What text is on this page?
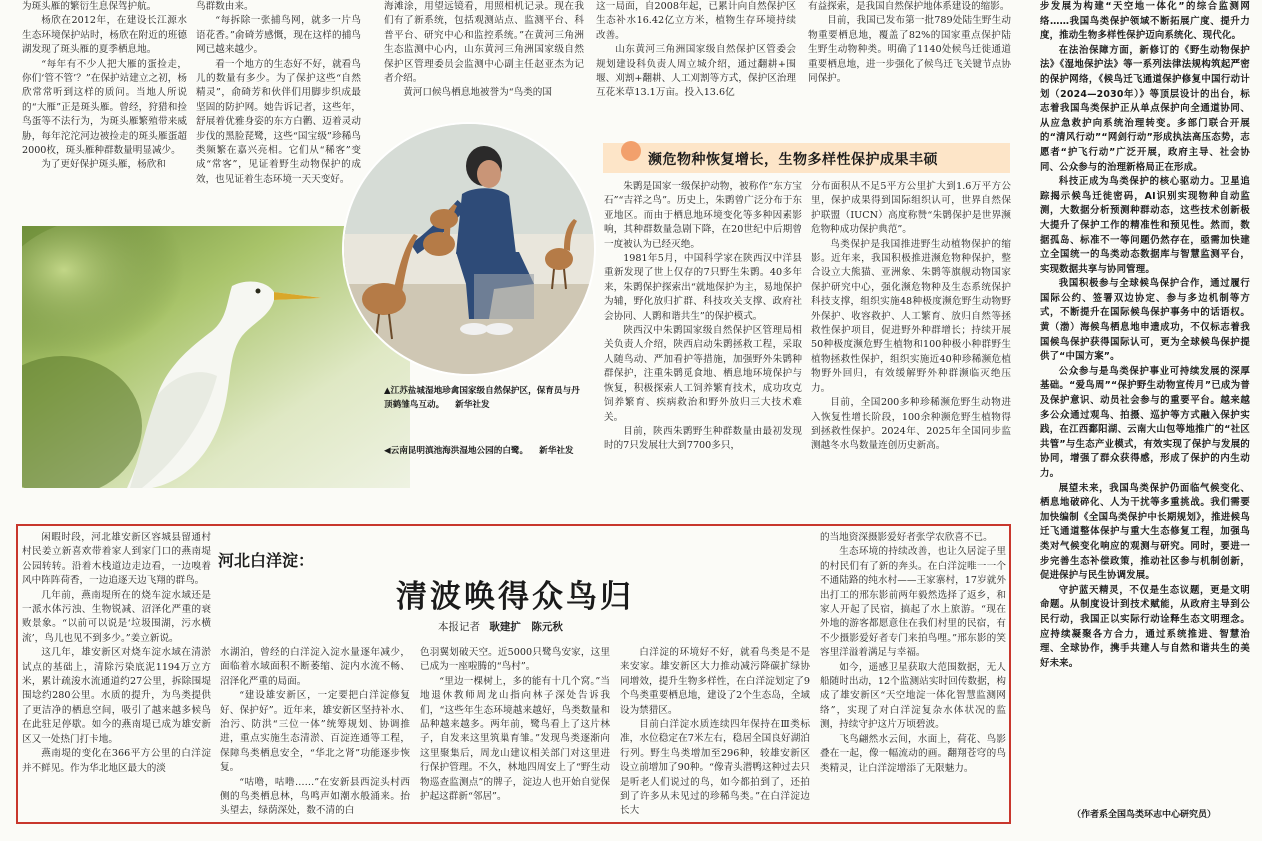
为斑头雁的繁衍生息保驾护航。

杨欣在2012年，在建设长江源水生态环境保护站时，杨欣在附近的班德湖发现了斑头雁的夏季栖息地。

“每年有不少人把大雁的蛋捡走，你们‘管不管’？”在保护站建立之初，杨欣常常听到这样的质问。当地人所说的“大雁”正是斑头雁。曾经，狩猎和捡鸟蛋等不法行为，为斑头雁繁殖带来威胁，每年沱沱河边被捡走的斑头雁蛋超2000枚，斑头雁种群数量明显减少。

为了更好保护斑头雁，杨欣和

鸟群数由来。

“每拆除一张捕鸟网，就多一片鸟语花香。”俞碕芳感慨，现在这样的捕鸟网已越来越少。

看一个地方的生态好不好，就看鸟儿的数量有多少。为了保护这些“自然精灵”，俞碕芳和伙伴们用脚步织成最坚固的防护网。她告诉记者，这些年，舒展着优雅身姿的东方白鹳、迈着灵动步伐的黑脸琵鹭，这些“国宝级”珍稀鸟类频繁在嘉兴亮相。它们从“稀客”变成“常客”，见证着野生动物保护的成效，也见证着生态环境一天天变好。

海滩涂，用望远镜看，用照相机记录。现在我们有了新系统，包括观测站点、监测平台、科普平台、研究中心和监控系统。”在黄河三角洲生态监测中心内，山东黄河三角洲国家级自然保护区管理委员会监测中心副主任赵亚杰为记者介绍。

黄河口候鸟栖息地被誉为“鸟类的国

这一局面，自2008年起，已累计向自然保护区生态补水16.42亿立方米，植物生存环境持续改善。

山东黄河三角洲国家级自然保护区管委会规划建设科负责人周立城介绍，通过翻耕+围堰、刈割+翻耕、人工刈割等方式，保护区治理互花米草13.1万亩。投入13.6亿

有益探索，是我国自然保护地体系建设的缩影。

目前，我国已发布第一批789处陆生野生动物重要栖息地，覆盖了82%的国家重点保护陆生野生动物种类。明确了1140处候鸟迁徙通道重要栖息地，进一步强化了候鸟迁飞关键节点协同保护。

▲江苏盐城湿地珍禽国家级自然保护区，保育员与丹顶鹤雏鸟互动。 新华社发
◀云南昆明滇池海洪湿地公园的白鹭。 新华社发
濒危物种恢复增长，生物多样性保护成果丰硕

朱鹮是国家一级保护动物，被称作“东方宝石”“吉祥之鸟”。历史上，朱鹮曾广泛分布于东亚地区。而由于栖息地环境变化等多种因素影响，其种群数量急剧下降，在20世纪中后期曾一度被认为已经灭绝。

1981年5月，中国科学家在陕西汉中洋县重新发现了世上仅存的7只野生朱鹮。40多年来，朱鹮保护探索出“就地保护为主，易地保护为辅，野化放归扩群、科技攻关支撑、政府社会协同、人鹮和谐共生”的保护模式。

陕西汉中朱鹮国家级自然保护区管理局相关负责人介绍，陕西启动朱鹮拯救工程，采取人随鸟动、严加看护等措施，加强野外朱鹮种群保护，注重朱鹮觅食地、栖息地环境保护与恢复，积极探索人工饲养繁育技术，成功攻克饲养繁育、疾病救治和野外放归三大技术难关。

目前，陕西朱鹮野生种群数量由最初发现时的7只发展壮大到7700多只，

分布面积从不足5平方公里扩大到1.6万平方公里，保护成果得到国际组织认可，世界自然保护联盟（IUCN）高度称赞“朱鹮保护是世界濒危物种成功保护典范”。

鸟类保护是我国推进野生动植物保护的缩影。近年来，我国积极推进濒危物种保护，整合设立大熊猫、亚洲象、朱鹮等旗舰动物国家保护研究中心，强化濒危物种及生态系统保护科技支撑，组织实施48种极度濒危野生动物野外保护、收容救护、人工繁育、放归自然等拯救性保护项目，促进野外种群增长；持续开展50种极度濒危野生植物和100种极小种群野生植物拯救性保护，组织实施近40种珍稀濒危植物野外回归，有效缓解野外种群濒临灭绝压力。

目前，全国200多种珍稀濒危野生动物进入恢复性增长阶段，100余种濒危野生植物得到拯救性保护。2024年、2025年全国同步监测越冬水鸟数量连创历史新高。

步发展为构建“天空地一体化”的综合监测网络……我国鸟类保护领域不断拓展广度、提升力度，推动生物多样性保护迈向系统化、现代化。

在法治保障方面，新修订的《野生动物保护法》《湿地保护法》等一系列法律法规构筑起严密的保护网络，《候鸟迁飞通道保护修复中国行动计划（2024—2030年）》等顶层设计的出台，标志着我国鸟类保护正从单点保护向全通道协同、从应急救护向系统治理转变。多部门联合开展的“清风行动”“网剑行动”形成执法高压态势，志愿者“护飞行动”广泛开展，政府主导、社会协同、公众参与的治理新格局正在形成。

科技正成为鸟类保护的核心驱动力。卫星追踪揭示候鸟迁徙密码，AI识别实现物种自动监测，大数据分析预测种群动态，这些技术创新极大提升了保护工作的精准性和预见性。然而，数据孤岛、标准不一等问题仍然存在，亟需加快建立全国统一的鸟类动态数据库与智慧监测平台，实现数据共享与协同管理。

我国积极参与全球候鸟保护合作，通过履行国际公约、签署双边协定、参与多边机制等方式，不断提升在国际候鸟保护事务中的话语权。黄（渤）海候鸟栖息地申遗成功，不仅标志着我国候鸟保护获得国际认可，更为全球候鸟保护提供了“中国方案”。

公众参与是鸟类保护事业可持续发展的深厚基础。“爱鸟周”“保护野生动物宣传月”已成为普及保护意识、动员社会参与的重要平台。越来越多公众通过观鸟、拍摄、巡护等方式融入保护实践，在江西鄱阳湖、云南大山包等地推广的“社区共管”与生态产业模式，有效实现了保护与发展的协同，增强了群众获得感，形成了保护的内生动力。

展望未来，我国鸟类保护仍面临气候变化、栖息地破碎化、人为干扰等多重挑战。我们需要加快编制《全国鸟类保护中长期规划》，推进候鸟迁飞通道整体保护与重大生态修复工程，加强鸟类对气候变化响应的观测与研究。同时，要进一步完善生态补偿政策，推动社区参与机制创新，促进保护与民生协调发展。

守护蓝天精灵，不仅是生态议题，更是文明命题。从制度设计到技术赋能，从政府主导到公民行动，我国正以实际行动诠释生态文明理念。应持续凝聚各方合力，通过系统推进、智慧治理、全球协作，携手共建人与自然和谐共生的美好未来。

（作者系全国鸟类环志中心研究员）
河北白洋淀：
清波唤得众鸟归
本报记者 耿建扩　陈元秋

闲暇时段，河北雄安新区容城县留通村村民姜立新喜欢带着家人到家门口的燕南堤公园转转。沿着木栈道边走边看，一边嗅着风中阵阵荷香，一边追逐天边飞翔的群鸟。

几年前，燕南堤所在的烧车淀水域还是一派水体污浊、生物锐减、沼泽化严重的衰败景象。“以前可以说是‘垃圾围湖，污水横流’，鸟儿也见不到多少。”姜立新说。

这几年，雄安新区对烧车淀水域在清淤试点的基础上，清除污染底泥1194万立方米，累计疏浚水流通道约27公里，拆除围堤围埝约280公里。水质的提升，为鸟类提供了更洁净的栖息空间，吸引了越来越多候鸟在此驻足停歇。如今的燕南堤已成为雄安新区又一处热门打卡地。

燕南堤的变化在366平方公里的白洋淀并不鲜见。作为华北地区最大的淡

水湖泊，曾经的白洋淀入淀水量逐年减少，面临着水域面积不断萎缩、淀内水流不畅、沼泽化严重的局面。

“建设雄安新区，一定要把白洋淀修复好、保护好”。近年来，雄安新区坚持补水、治污、防洪“三位一体”统筹规划、协调推进，重点实施生态清淤、百淀连通等工程，保障鸟类栖息安全，“华北之肾”功能逐步恢复。

“咕噜，咕噜……”在安新县西淀头村西侧的鸟类栖息林，鸟鸣声如潮水般涌来。抬头望去，绿荫深处，数不清的白

色羽翼划破天空。近5000只鹭鸟安家，这里已成为一座啦腾的“鸟村”。

“里边一棵树上，多的能有十几个窝。”当地退休教师周龙山指向林子深处告诉我们，“这些年生态环境越来越好，鸟类数量和品种越来越多。两年前，鹭鸟看上了这片林子，自发来这里筑巢育雏。”发现鸟类逐渐向这里聚集后，周龙山建议相关部门对这里进行保护管理。不久，林地四周安上了“野生动物巡查监测点”的牌子，淀边人也开始自觉保护起这群新“邻居”。

白洋淀的环境好不好，就看鸟类是不是来安家。雄安新区大力推动减污降碳扩绿协同增效，提升生物多样性，在白洋淀划定了9个鸟类重要栖息地，建设了2个生态岛，全域设为禁猎区。

目前白洋淀水质连续四年保持在Ⅲ类标准，水位稳定在7米左右，稳居全国良好湖泊行列。野生鸟类增加至296种，较雄安新区设立前增加了90种。“像青头潜鸭这种过去只是听老人们说过的鸟，如今都拍到了，还拍到了许多从未见过的珍稀鸟类。”在白洋淀边长大

的当地资深摄影爱好者张学农欣喜不已。

生态环境的持续改善，也让久居淀子里的村民们有了新的奔头。在白洋淀唯一一个不通陆路的纯水村——王家寨村，17岁就外出打工的邢东影前两年毅然选择了返乡，和家人开起了民宿，搞起了水上旅游。“现在外地的游客都愿意住在我们村里的民宿，有不少摄影爱好者专门来拍鸟哩。”邢东影的笑容里洋溢着满足与幸福。

如今，遥感卫星获取大范围数据，无人船随时出动，12个监测站实时回传数据，构成了雄安新区“天空地淀一体化智慧监测网络”，实现了对白洋淀复杂水体状况的监测，持续守护这片万顷碧波。

飞鸟翩然水云间，水面上，荷花、鸟影叠在一起，像一幅流动的画。翻翔苍穹的鸟类精灵，让白洋淀增添了无限魅力。
